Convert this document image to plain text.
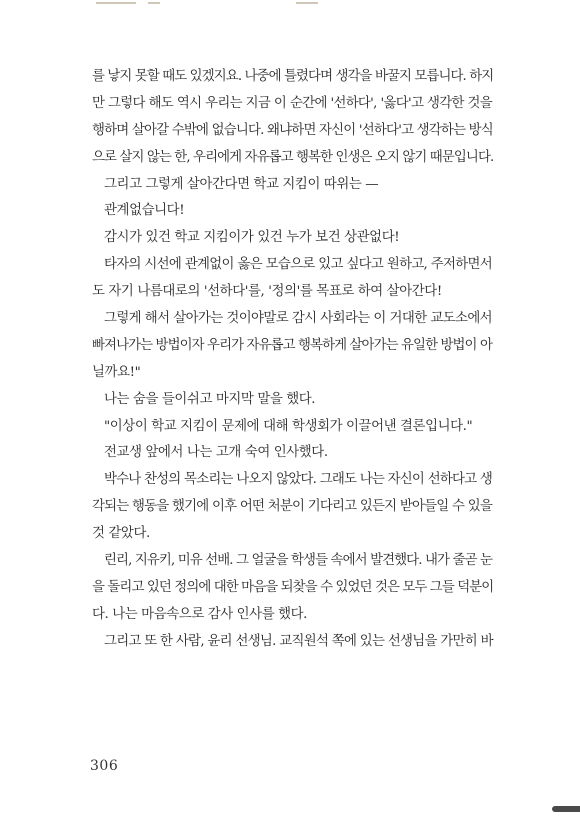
를 낳지 못할 때도 있겠지요. 나중에 틀렸다며 생각을 바꿀지 모릅니다. 하지
만 그렇다 해도 역시 우리는 지금 이 순간에 '선하다', '옳다'고 생각한 것을
행하며 살아갈 수밖에 없습니다. 왜냐하면 자신이 '선하다'고 생각하는 방식
으로 살지 않는 한, 우리에게 자유롭고 행복한 인생은 오지 않기 때문입니다.
그리고 그렇게 살아간다면 학교 지킴이 따위는 —
관계없습니다!
감시가 있건 학교 지킴이가 있건 누가 보건 상관없다!
타자의 시선에 관계없이 옳은 모습으로 있고 싶다고 원하고, 주저하면서
도 자기 나름대로의 '선하다'를, '정의'를 목표로 하여 살아간다!
그렇게 해서 살아가는 것이야말로 감시 사회라는 이 거대한 교도소에서
빠져나가는 방법이자 우리가 자유롭고 행복하게 살아가는 유일한 방법이 아
닐까요!"
나는 숨을 들이쉬고 마지막 말을 했다.
"이상이 학교 지킴이 문제에 대해 학생회가 이끌어낸 결론입니다."
전교생 앞에서 나는 고개 숙여 인사했다.
박수나 찬성의 목소리는 나오지 않았다. 그래도 나는 자신이 선하다고 생
각되는 행동을 했기에 이후 어떤 처분이 기다리고 있든지 받아들일 수 있을
것 같았다.
린리, 지유키, 미유 선배. 그 얼굴을 학생들 속에서 발견했다. 내가 줄곧 눈
을 돌리고 있던 정의에 대한 마음을 되찾을 수 있었던 것은 모두 그들 덕분이
다. 나는 마음속으로 감사 인사를 했다.
그리고 또 한 사람, 윤리 선생님. 교직원석 쪽에 있는 선생님을 가만히 바
306
